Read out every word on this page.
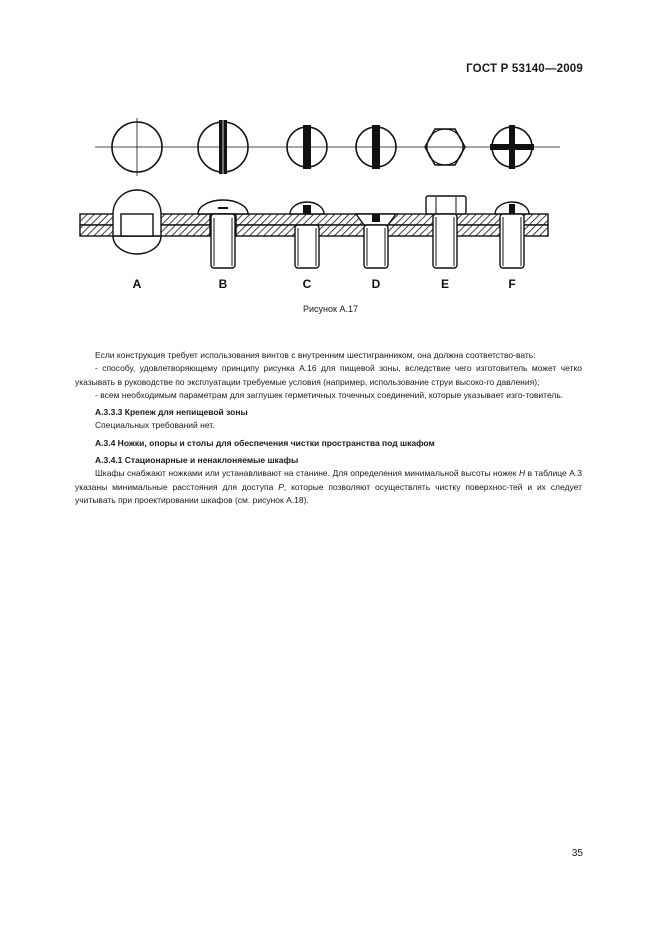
ГОСТ Р 53140—2009
A	B	C	D	E	F
Рисунок А.17

Если конструкция требует использования винтов с внутренним шестигранником, она должна соответство-вать:

- способу, удовлетворяющему принципу рисунка А.16 для пищевой зоны, вследствие чего изготовитель может четко указывать в руководстве по эксплуатации требуемые условия (например, использование струи высоко-го давления);

- всем необходимым параметрам для заглушек герметичных точечных соединений, которые указывает изго-товитель.

А.3.3.3 Крепеж для непищевой зоны

Специальных требований нет.

А.3.4 Ножки, опоры и столы для обеспечения чистки пространства под шкафом

А.3.4.1 Стационарные и ненаклоняемые шкафы

Шкафы снабжают ножками или устанавливают на станине. Для определения минимальной высоты ножек H в таблице А.3 указаны минимальные расстояния для доступа P, которые позволяют осуществлять чистку поверхнос-тей и их следует учитывать при проектировании шкафов (см. рисунок А.18).

35
